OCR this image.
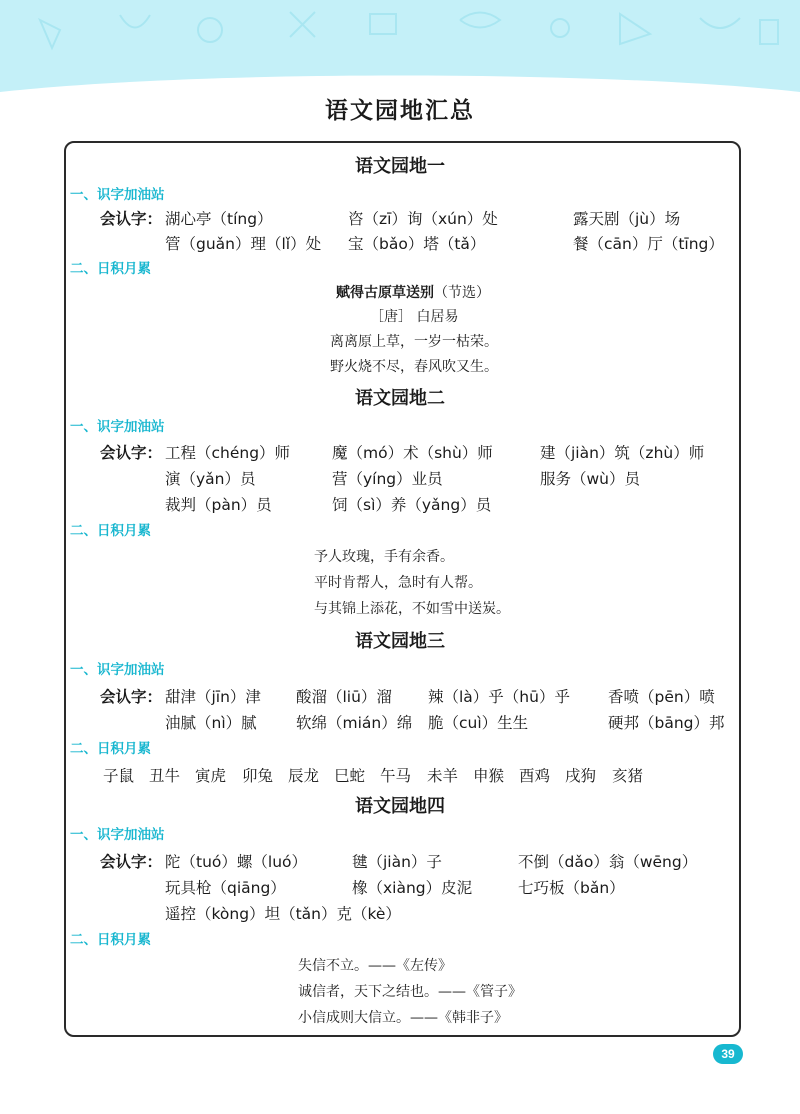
语文园地汇总
语文园地一
一、识字加油站
会认字： 湖心亭（tíng）	咨（zī）询（xún）处	露天剧（jù）场
管（guǎn）理（lǐ）处 宝（bǎo）塔（tǎ）	餐（cān）厅（tīng）
二、日积月累
赋得古原草送别（节选）
［唐］ 白居易
离离原上草，一岁一枯荣。
野火烧不尽，春风吹又生。
语文园地二
一、识字加油站
会认字： 工程（chéng）师	魔（mó）术（shù）师	建（jiàn）筑（zhù）师
演（yǎn）员	营（yíng）业员	服务（wù）员
裁判（pàn）员	饲（sì）养（yǎng）员
二、日积月累
予人玫瑰，手有余香。
平时肯帮人，急时有人帮。
与其锦上添花，不如雪中送炭。
语文园地三
一、识字加油站
会认字： 甜津（jīn）津 酸溜（liū）溜 辣（là）乎（hū）乎 香喷（pēn）喷
油腻（nì）腻	软绵（mián）绵 脆（cuì）生生	硬邦（bāng）邦
二、日积月累
子鼠 丑牛 寅虎 卯兔 辰龙 巳蛇 午马 未羊 申猴 酉鸡 戌狗 亥猪
语文园地四
一、识字加油站
会认字： 陀（tuó）螺（luó）	毽（jiàn）子	不倒（dǎo）翁（wēng）
玩具枪（qiāng）	橡（xiàng）皮泥	七巧板（bǎn）
遥控（kòng）坦（tǎn）克（kè）
二、日积月累
失信不立。——《左传》
诚信者，天下之结也。——《管子》
小信成则大信立。——《韩非子》
39
